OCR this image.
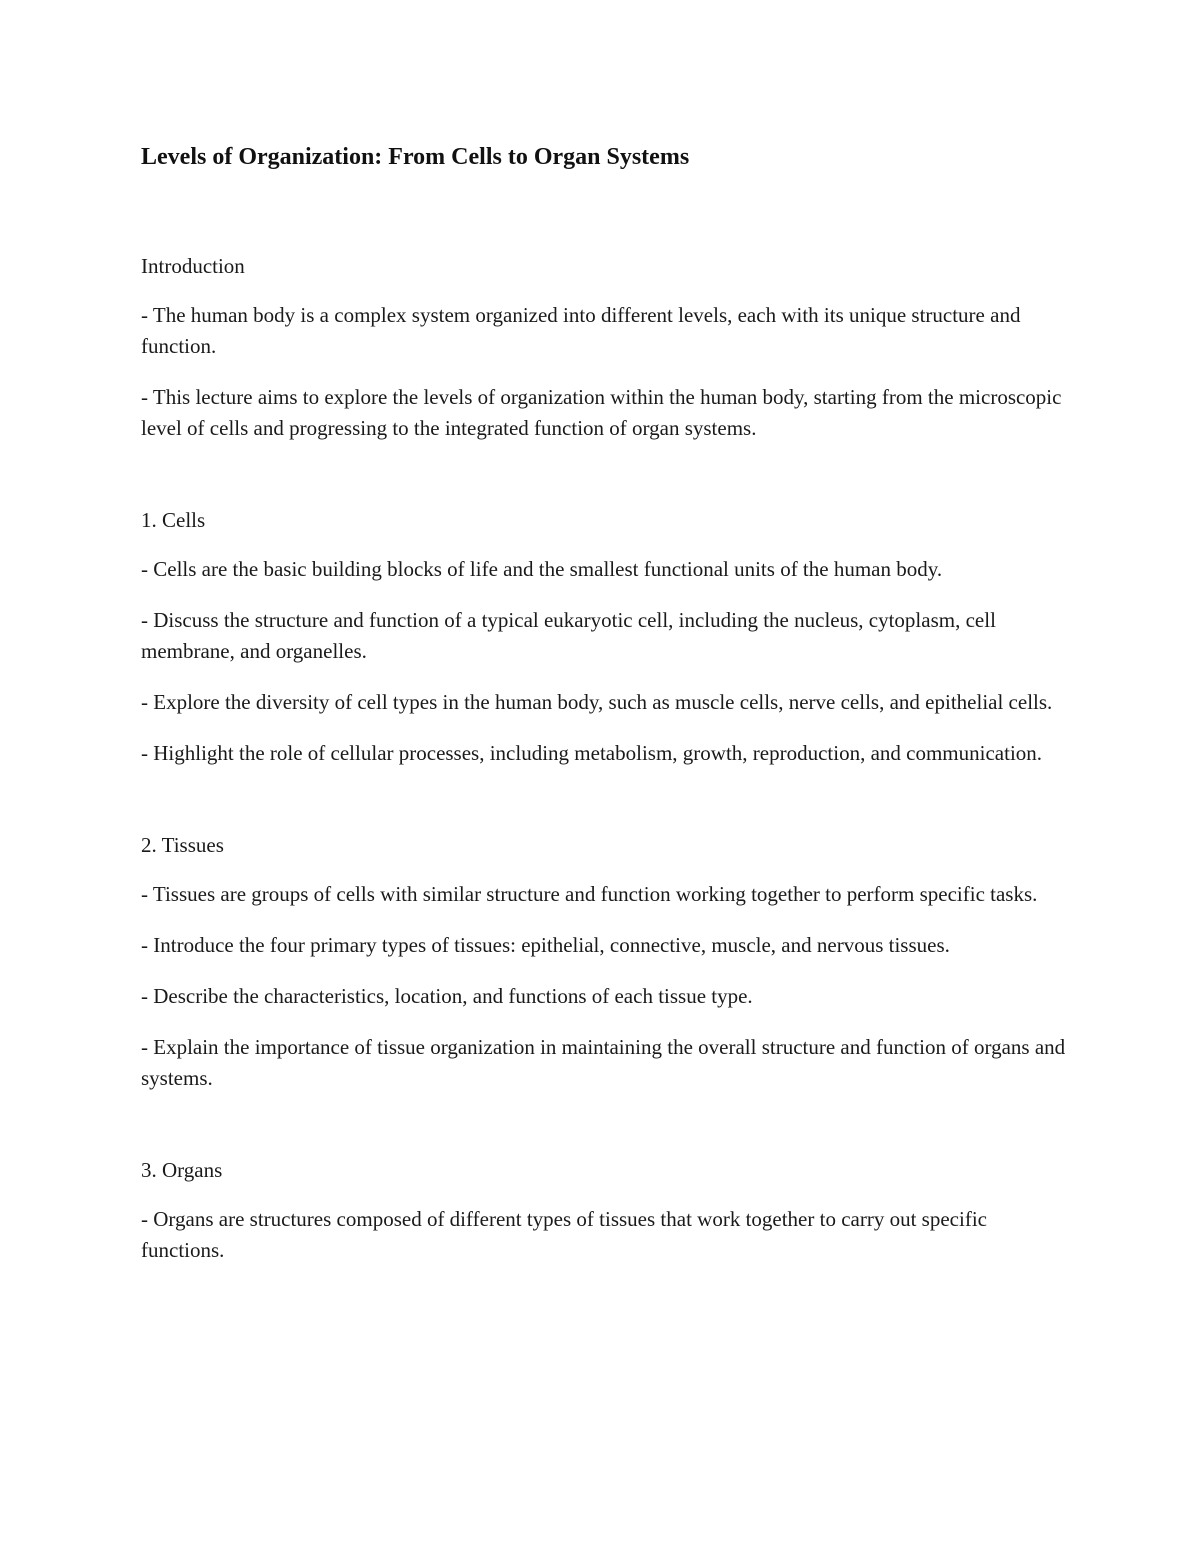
Levels of Organization: From Cells to Organ Systems
Introduction

- The human body is a complex system organized into different levels, each with its unique structure and function.

- This lecture aims to explore the levels of organization within the human body, starting from the microscopic level of cells and progressing to the integrated function of organ systems.

1. Cells

- Cells are the basic building blocks of life and the smallest functional units of the human body.

- Discuss the structure and function of a typical eukaryotic cell, including the nucleus, cytoplasm, cell membrane, and organelles.

- Explore the diversity of cell types in the human body, such as muscle cells, nerve cells, and epithelial cells.

- Highlight the role of cellular processes, including metabolism, growth, reproduction, and communication.

2. Tissues

- Tissues are groups of cells with similar structure and function working together to perform specific tasks.

- Introduce the four primary types of tissues: epithelial, connective, muscle, and nervous tissues.

- Describe the characteristics, location, and functions of each tissue type.

- Explain the importance of tissue organization in maintaining the overall structure and function of organs and systems.

3. Organs

- Organs are structures composed of different types of tissues that work together to carry out specific functions.
